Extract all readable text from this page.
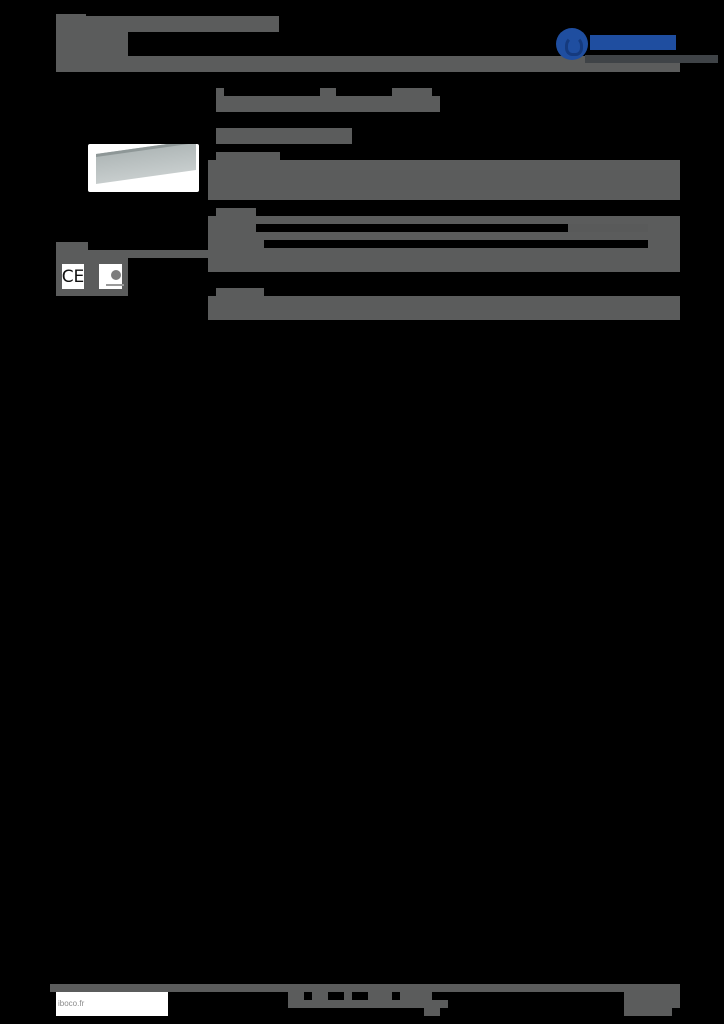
CE
iboco.fr
